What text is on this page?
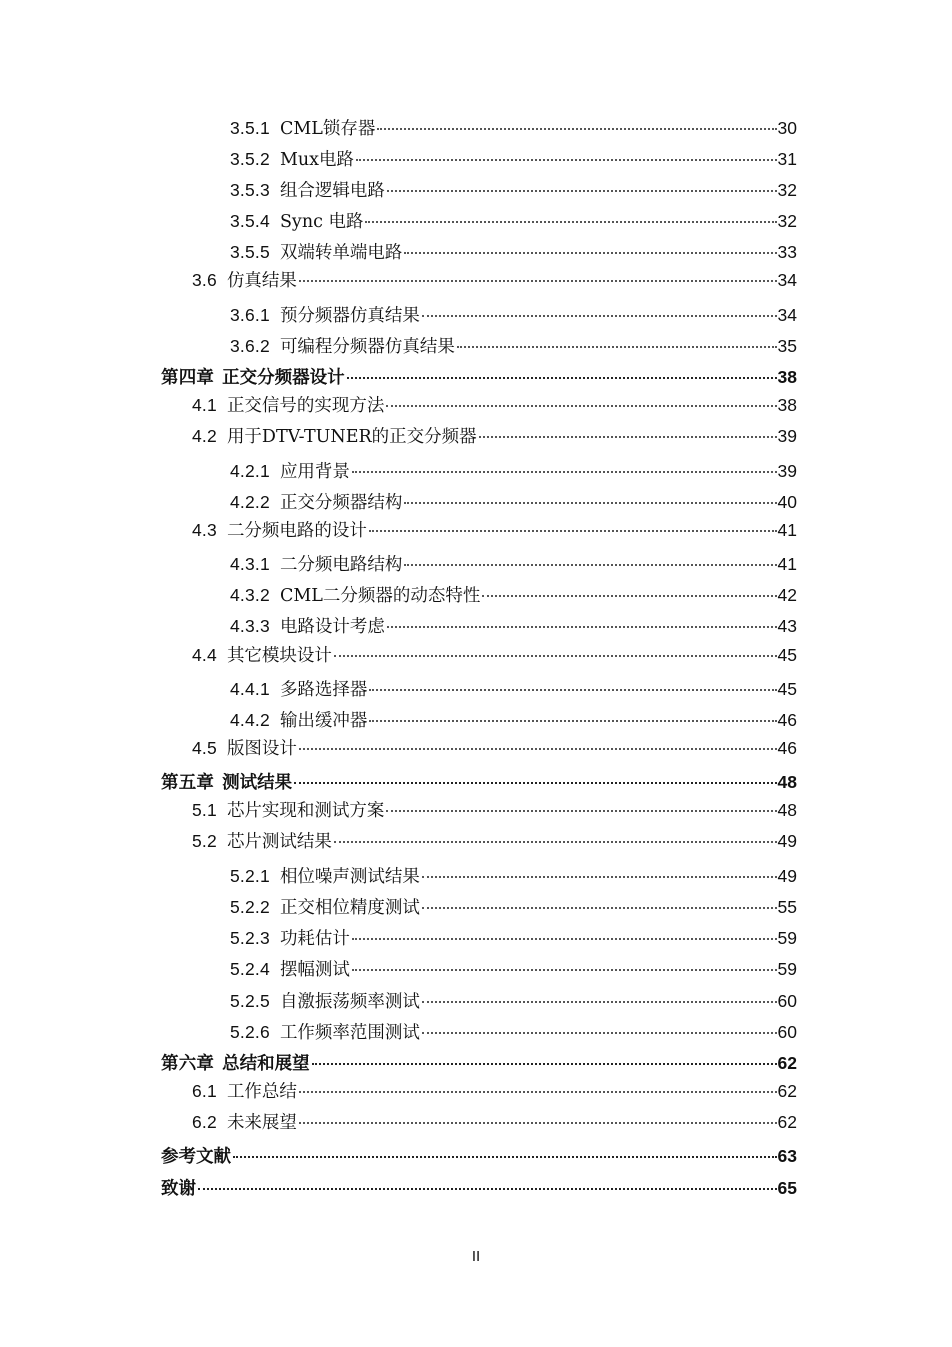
3.5.1 CML锁存器	30
3.5.2 Mux电路	31
3.5.3 组合逻辑电路	32
3.5.4 Sync 电路	32
3.5.5 双端转单端电路	33
3.6 仿真结果	34
3.6.1 预分频器仿真结果	34
3.6.2 可编程分频器仿真结果	35
第四章 正交分频器设计	38
4.1 正交信号的实现方法	38
4.2 用于DTV-TUNER的正交分频器	39
4.2.1 应用背景	39
4.2.2 正交分频器结构	40
4.3 二分频电路的设计	41
4.3.1 二分频电路结构	41
4.3.2 CML二分频器的动态特性	42
4.3.3 电路设计考虑	43
4.4 其它模块设计	45
4.4.1 多路选择器	45
4.4.2 输出缓冲器	46
4.5 版图设计	46
第五章 测试结果	48
5.1 芯片实现和测试方案	48
5.2 芯片测试结果	49
5.2.1 相位噪声测试结果	49
5.2.2 正交相位精度测试	55
5.2.3 功耗估计	59
5.2.4 摆幅测试	59
5.2.5 自激振荡频率测试	60
5.2.6 工作频率范围测试	60
第六章 总结和展望	62
6.1 工作总结	62
6.2 未来展望	62
参考文献	63
致谢	65
II
